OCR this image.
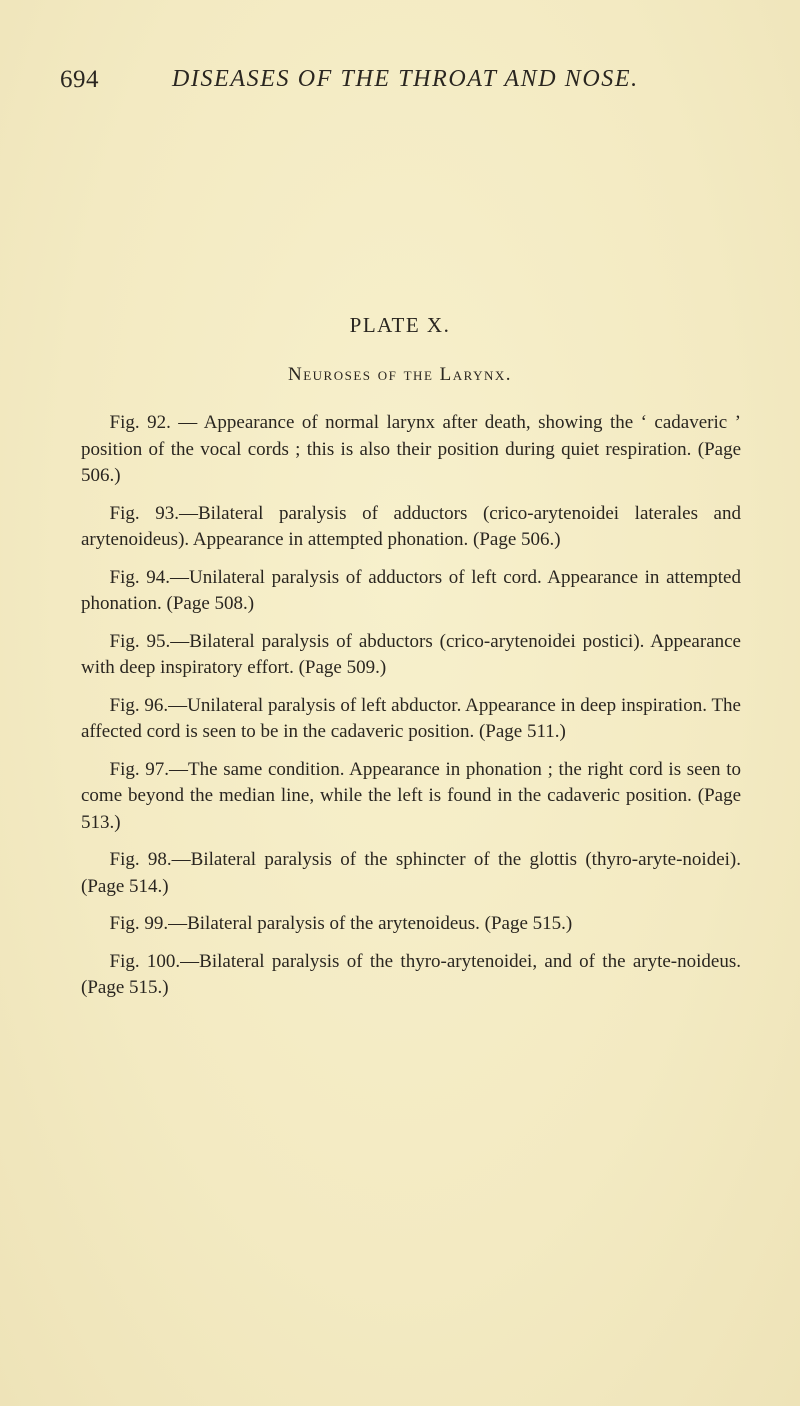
694	DISEASES OF THE THROAT AND NOSE.
PLATE X.
Neuroses of the Larynx.

Fig. 92. — Appearance of normal larynx after death, showing the ‘ cadaveric ’ position of the vocal cords ; this is also their position during quiet respiration. (Page 506.)

Fig. 93.—Bilateral paralysis of adductors (crico-arytenoidei laterales and arytenoideus). Appearance in attempted phonation. (Page 506.)

Fig. 94.—Unilateral paralysis of adductors of left cord. Appearance in attempted phonation. (Page 508.)

Fig. 95.—Bilateral paralysis of abductors (crico-arytenoidei postici). Appearance with deep inspiratory effort. (Page 509.)

Fig. 96.—Unilateral paralysis of left abductor. Appearance in deep inspiration. The affected cord is seen to be in the cadaveric position. (Page 511.)

Fig. 97.—The same condition. Appearance in phonation ; the right cord is seen to come beyond the median line, while the left is found in the cadaveric position. (Page 513.)

Fig. 98.—Bilateral paralysis of the sphincter of the glottis (thyro-aryte-noidei). (Page 514.)

Fig. 99.—Bilateral paralysis of the arytenoideus. (Page 515.)

Fig. 100.—Bilateral paralysis of the thyro-arytenoidei, and of the aryte-noideus. (Page 515.)
